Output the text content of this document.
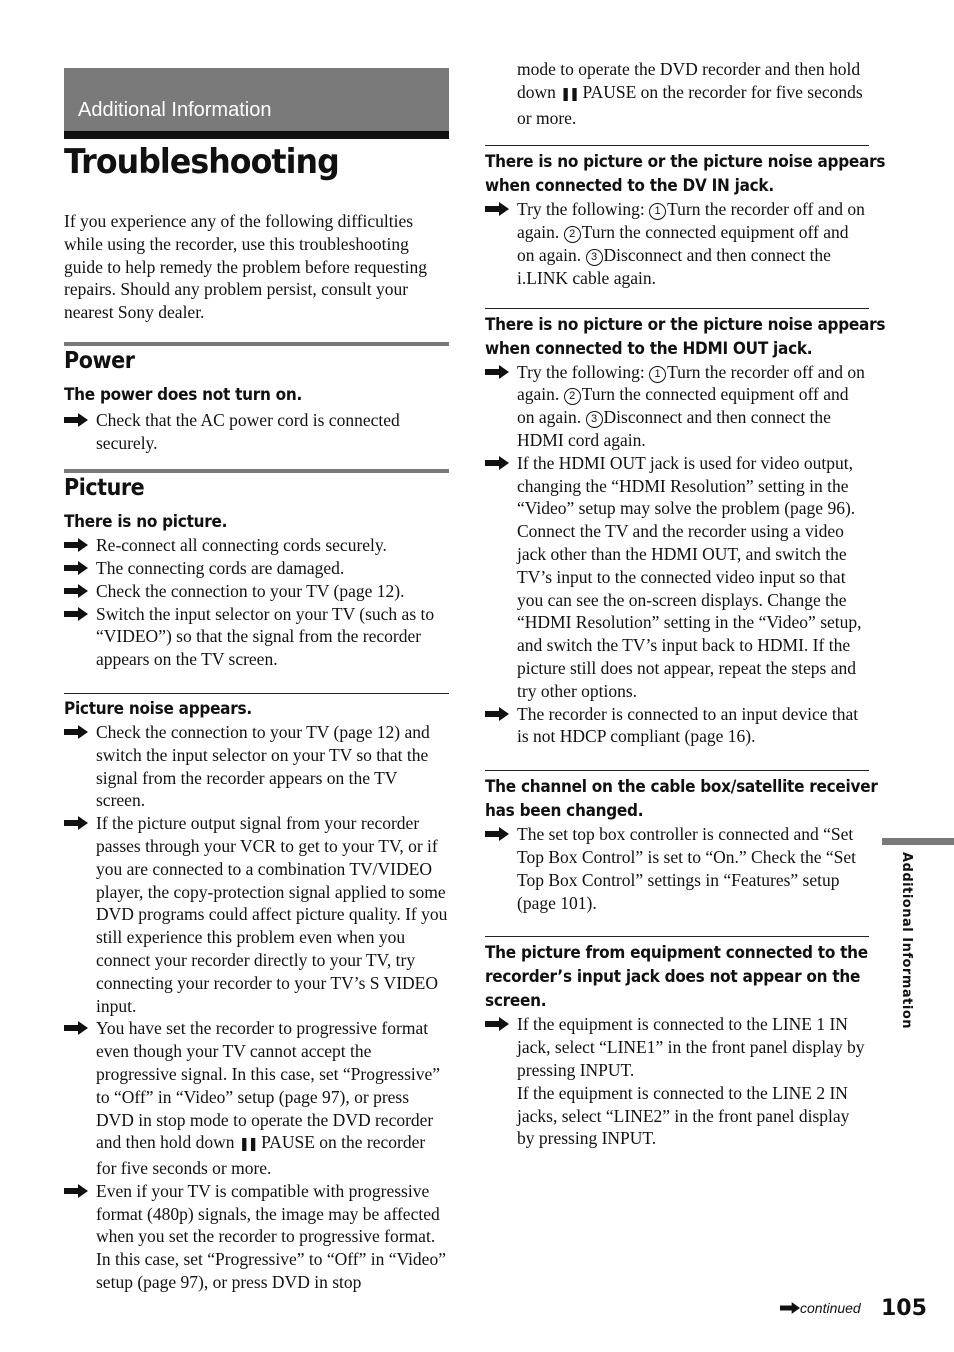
Additional Information
Troubleshooting

If you experience any of the following difficulties while using the recorder, use this troubleshooting guide to help remedy the problem before requesting repairs. Should any problem persist, consult your nearest Sony dealer.

Power
The power does not turn on.
Check that the AC power cord is connected securely.
Picture
There is no picture.
Re-connect all connecting cords securely.
The connecting cords are damaged.
Check the connection to your TV (page 12).
Switch the input selector on your TV (such as to “VIDEO”) so that the signal from the recorder appears on the TV screen.
Picture noise appears.
Check the connection to your TV (page 12) and switch the input selector on your TV so that the signal from the recorder appears on the TV screen.
If the picture output signal from your recorder passes through your VCR to get to your TV, or if you are connected to a combination TV/VIDEO player, the copy-protection signal applied to some DVD programs could affect picture quality. If you still experience this problem even when you connect your recorder directly to your TV, try connecting your recorder to your TV’s S VIDEO input.
You have set the recorder to progressive format even though your TV cannot accept the progressive signal. In this case, set “Progressive” to “Off” in “Video” setup (page 97), or press DVD in stop mode to operate the DVD recorder and then hold down ❚❚ PAUSE on the recorder for five seconds or more.
Even if your TV is compatible with progressive format (480p) signals, the image may be affected when you set the recorder to progressive format. In this case, set “Progressive” to “Off” in “Video” setup (page 97), or press DVD in stop
mode to operate the DVD recorder and then hold down ❚❚ PAUSE on the recorder for five seconds or more.
There is no picture or the picture noise appears
when connected to the DV IN jack.
Try the following: 1 Turn the recorder off and on again. 2 Turn the connected equipment off and on again. 3 Disconnect and then connect the i.LINK cable again.
There is no picture or the picture noise appears
when connected to the HDMI OUT jack.
Try the following: 1 Turn the recorder off and on again. 2 Turn the connected equipment off and on again. 3 Disconnect and then connect the HDMI cord again.
If the HDMI OUT jack is used for video output, changing the “HDMI Resolution” setting in the “Video” setup may solve the problem (page 96). Connect the TV and the recorder using a video jack other than the HDMI OUT, and switch the TV’s input to the connected video input so that you can see the on-screen displays. Change the “HDMI Resolution” setting in the “Video” setup, and switch the TV’s input back to HDMI. If the picture still does not appear, repeat the steps and try other options.
The recorder is connected to an input device that is not HDCP compliant (page 16).
The channel on the cable box/satellite receiver
has been changed.
The set top box controller is connected and “Set Top Box Control” is set to “On.” Check the “Set Top Box Control” settings in “Features” setup (page 101).
The picture from equipment connected to the
recorder’s input jack does not appear on the
screen.

If the equipment is connected to the LINE 1 IN jack, select “LINE1” in the front panel display by pressing INPUT.

If the equipment is connected to the LINE 2 IN jacks, select “LINE2” in the front panel display by pressing INPUT.

Additional Information
continued 105
